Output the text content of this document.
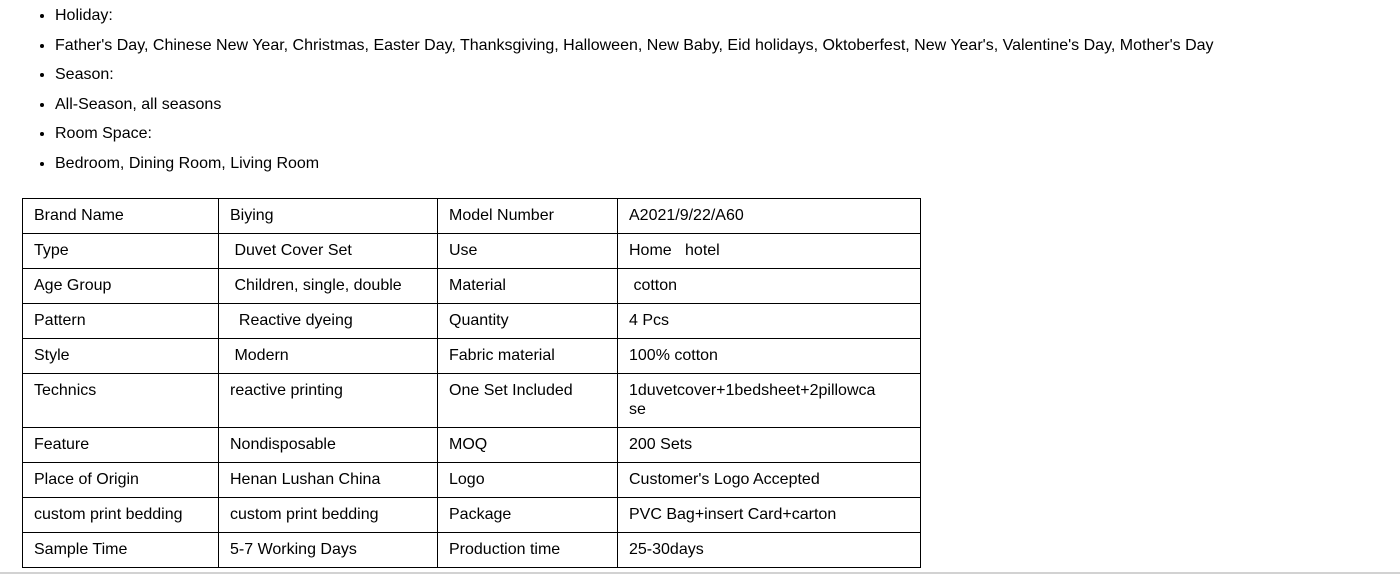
• Holiday:
• Father's Day, Chinese New Year, Christmas, Easter Day, Thanksgiving, Halloween, New Baby, Eid holidays, Oktoberfest, New Year's, Valentine's Day, Mother's Day
• Season:
• All-Season, all seasons
• Room Space:
• Bedroom, Dining Room, Living Room
Brand Name	Biying	Model Number	A2021/9/22/A60
Type	Duvet Cover Set	Use	Home   hotel
Age Group	Children, single, double	Material	cotton
Pattern	Reactive dyeing	Quantity	4 Pcs
Style	Modern	Fabric material	100% cotton
Technics	reactive printing	One Set Included	1duvetcover+1bedsheet+2pillowcase
Feature	Nondisposable	MOQ	200 Sets
Place of Origin	Henan Lushan China	Logo	Customer's Logo Accepted
custom print bedding	custom print bedding	Package	PVC Bag+insert Card+carton
Sample Time	5-7 Working Days	Production time	25-30days
